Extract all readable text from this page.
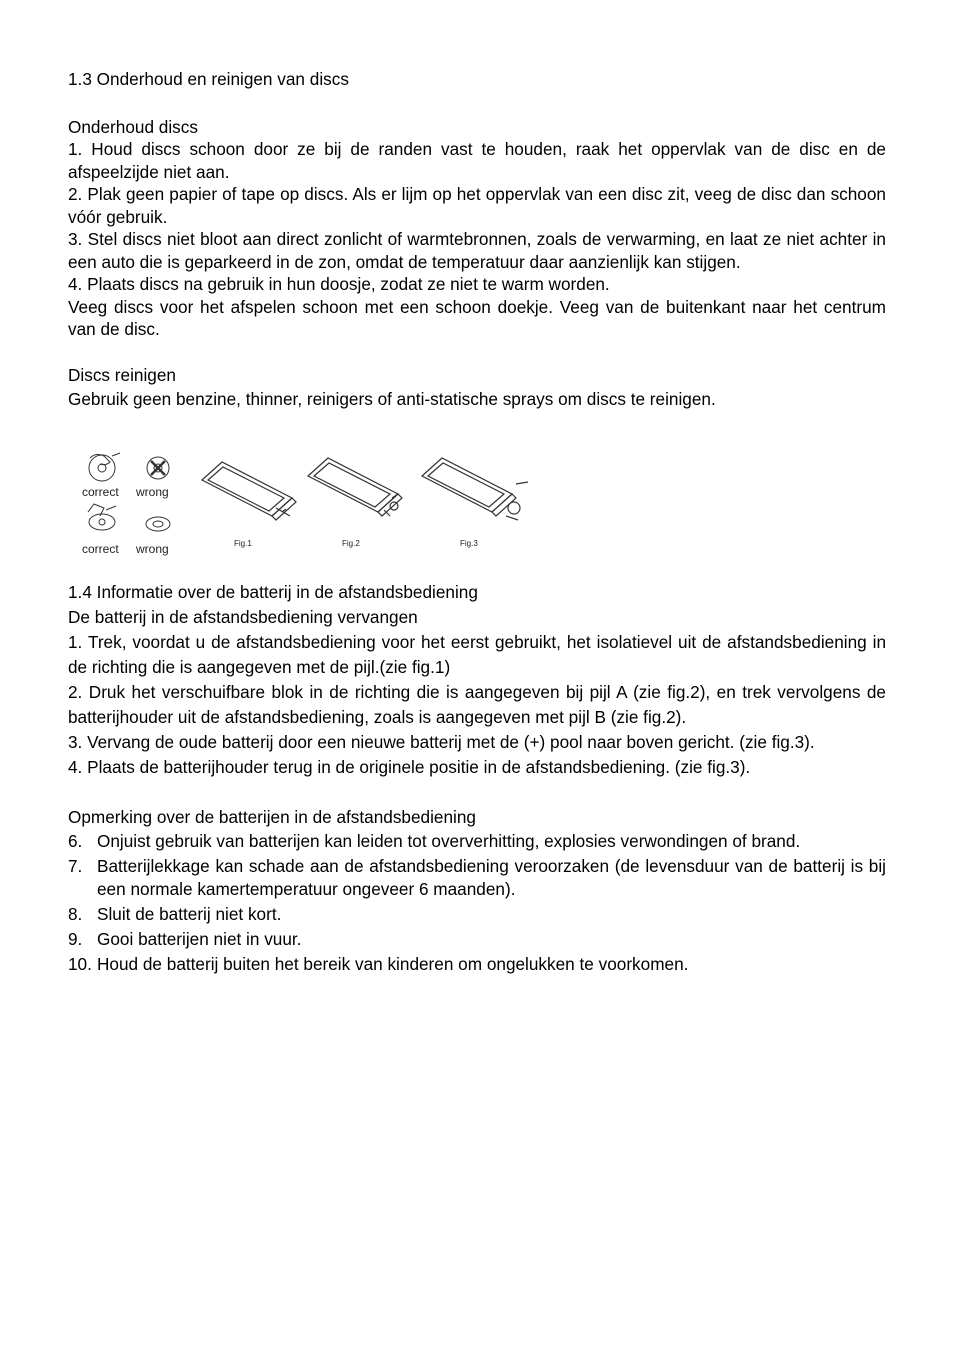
1.3 Onderhoud en reinigen van discs

Onderhoud discs

1. Houd discs schoon door ze bij de randen vast te houden, raak het oppervlak van de disc en de afspeelzijde niet aan.

2. Plak geen papier of tape op discs. Als er lijm op het oppervlak van een disc zit, veeg de disc dan schoon vóór gebruik.

3. Stel discs niet bloot aan direct zonlicht of warmtebronnen, zoals de verwarming, en laat ze niet achter in een auto die is geparkeerd in de zon, omdat de temperatuur daar aanzienlijk kan stijgen.

4. Plaats discs na gebruik in hun doosje, zodat ze niet te warm worden.

Veeg discs voor het afspelen schoon met een schoon doekje. Veeg van de buitenkant naar het centrum van de disc.

Discs reinigen

Gebruik geen benzine, thinner, reinigers of anti-statische sprays om discs te reinigen.

correct wrong
correct wrong	Fig.1	Fig.2	Fig.3

1.4 Informatie over de batterij in de afstandsbediening

De batterij in de afstandsbediening vervangen

1. Trek, voordat u de afstandsbediening voor het eerst gebruikt, het isolatievel uit de afstandsbediening in de richting die is aangegeven met de pijl.(zie fig.1)

2. Druk het verschuifbare blok in de richting die is aangegeven bij pijl A (zie fig.2), en trek vervolgens de batterijhouder uit de afstandsbediening, zoals is aangegeven met pijl B (zie fig.2).

3. Vervang de oude batterij door een nieuwe batterij met de (+) pool naar boven gericht. (zie fig.3).

4. Plaats de batterijhouder terug in de originele positie in de afstandsbediening. (zie fig.3).

Opmerking over de batterijen in de afstandsbediening

6. Onjuist gebruik van batterijen kan leiden tot oververhitting, explosies verwondingen of brand.
7. Batterijlekkage kan schade aan de afstandsbediening veroorzaken (de levensduur van de batterij is bij een normale kamertemperatuur ongeveer 6 maanden).
8. Sluit de batterij niet kort.
9. Gooi batterijen niet in vuur.
10. Houd de batterij buiten het bereik van kinderen om ongelukken te voorkomen.
